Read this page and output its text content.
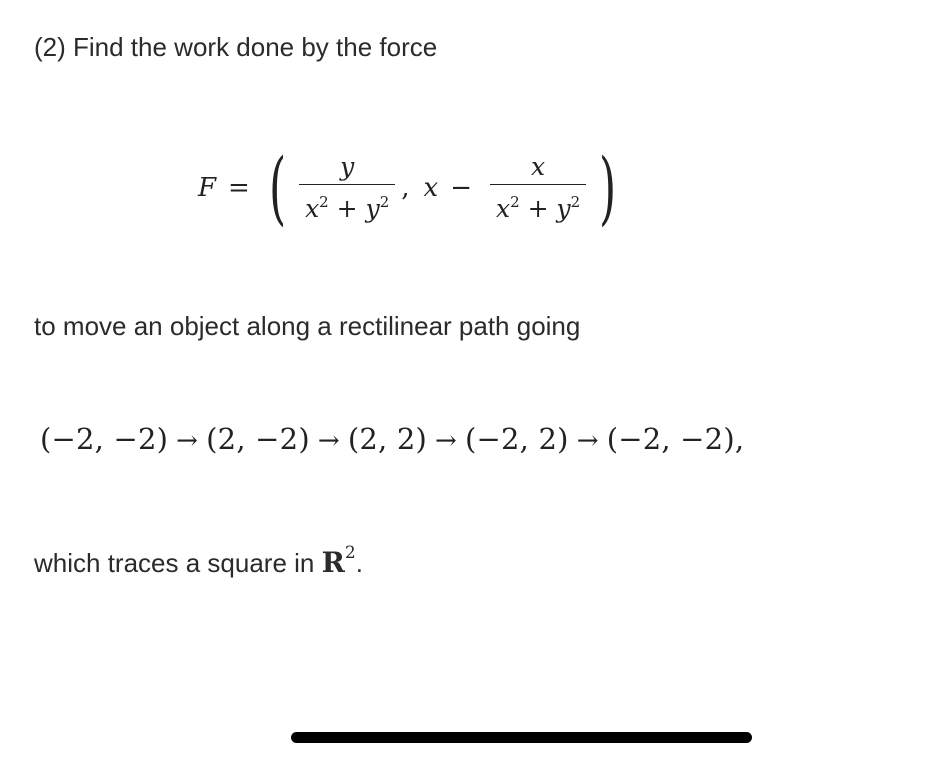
(2) Find the work done by the force
F = ( $\frac{y}{x^2 + y^2}$ , $x - \frac{x}{x^2 + y^2}$ )
to move an object along a rectilinear path going
(−2, −2) → (2, −2) → (2, 2) → (−2, 2) → (−2, −2),
which traces a square in $R^2$.
